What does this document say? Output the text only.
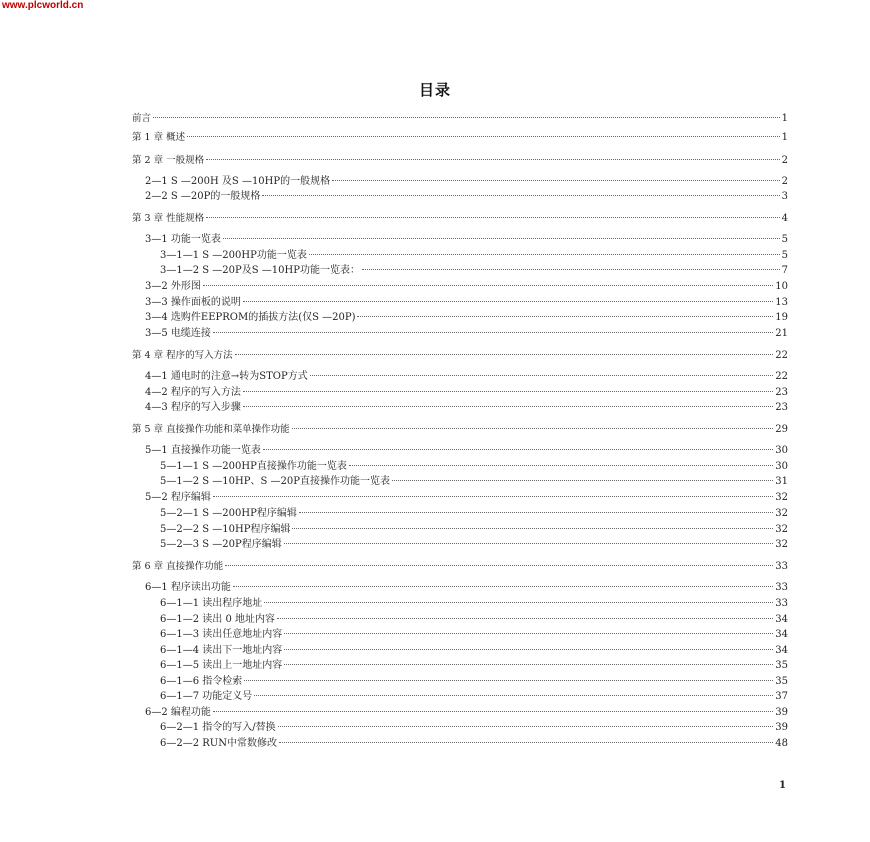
www.plcworld.cn
目录
前言	1
第 1 章 概述	1
第 2 章 一般规格	2
2—1 S —200H 及S —10HP的一般规格	2
2—2 S —20P的一般规格	3
第 3 章 性能规格	4
3—1 功能一览表	5
3—1—1 S —200HP功能一览表	5
3—1—2 S —20P及S —10HP功能一览表：	7
3—2 外形图	10
3—3 操作面板的说明	13
3—4 选购件EEPROM的插拔方法(仅S —20P)	19
3—5 电缆连接	21
第 4 章 程序的写入方法	22
4—1 通电时的注意→转为STOP方式	22
4—2 程序的写入方法	23
4—3 程序的写入步骤	23
第 5 章 直接操作功能和菜单操作功能	29
5—1 直接操作功能一览表	30
5—1—1 S —200HP直接操作功能一览表	30
5—1—2 S —10HP、S —20P直接操作功能一览表	31
5—2 程序编辑	32
5—2—1 S —200HP程序编辑	32
5—2—2 S —10HP程序编辑	32
5—2—3 S —20P程序编辑	32
第 6 章 直接操作功能	33
6—1 程序读出功能	33
6—1—1 读出程序地址	33
6—1—2 读出 0 地址内容	34
6—1—3 读出任意地址内容	34
6—1—4 读出下一地址内容	34
6—1—5 读出上一地址内容	35
6—1—6 指令检索	35
6—1—7 功能定义号	37
6—2 编程功能	39
6—2—1 指令的写入/替换	39
6—2—2 RUN中常数修改	48
1
